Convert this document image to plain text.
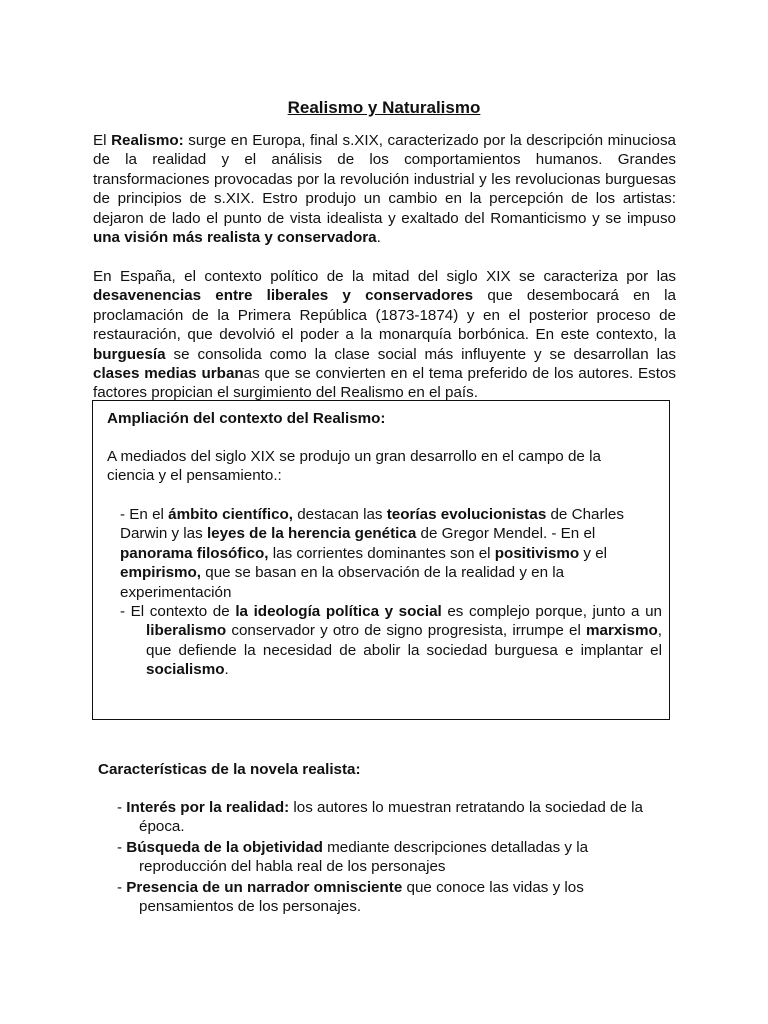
Realismo y Naturalismo

El Realismo: surge en Europa, final s.XIX, caracterizado por la descripción minuciosa de la realidad y el análisis de los comportamientos humanos. Grandes transformaciones provocadas por la revolución industrial y les revolucionas burguesas de principios de s.XIX. Estro produjo un cambio en la percepción de los artistas: dejaron de lado el punto de vista idealista y exaltado del Romanticismo y se impuso una visión más realista y conservadora.

En España, el contexto político de la mitad del siglo XIX se caracteriza por las desavenencias entre liberales y conservadores que desembocará en la proclamación de la Primera República (1873-1874) y en el posterior proceso de restauración, que devolvió el poder a la monarquía borbónica. En este contexto, la burguesía se consolida como la clase social más influyente y se desarrollan las clases medias urbanas que se convierten en el tema preferido de los autores. Estos factores propician el surgimiento del Realismo en el país.

Ampliación del contexto del Realismo:

A mediados del siglo XIX se produjo un gran desarrollo en el campo de la ciencia y el pensamiento.:

- En el ámbito científico, destacan las teorías evolucionistas de Charles Darwin y las leyes de la herencia genética de Gregor Mendel. - En el panorama filosófico, las corrientes dominantes son el positivismo y el empirismo, que se basan en la observación de la realidad y en la experimentación

- El contexto de la ideología política y social es complejo porque, junto a un liberalismo conservador y otro de signo progresista, irrumpe el marxismo, que defiende la necesidad de abolir la sociedad burguesa e implantar el socialismo.

Características de la novela realista:

- Interés por la realidad: los autores lo muestran retratando la sociedad de la época.

- Búsqueda de la objetividad mediante descripciones detalladas y la reproducción del habla real de los personajes

- Presencia de un narrador omnisciente que conoce las vidas y los pensamientos de los personajes.
